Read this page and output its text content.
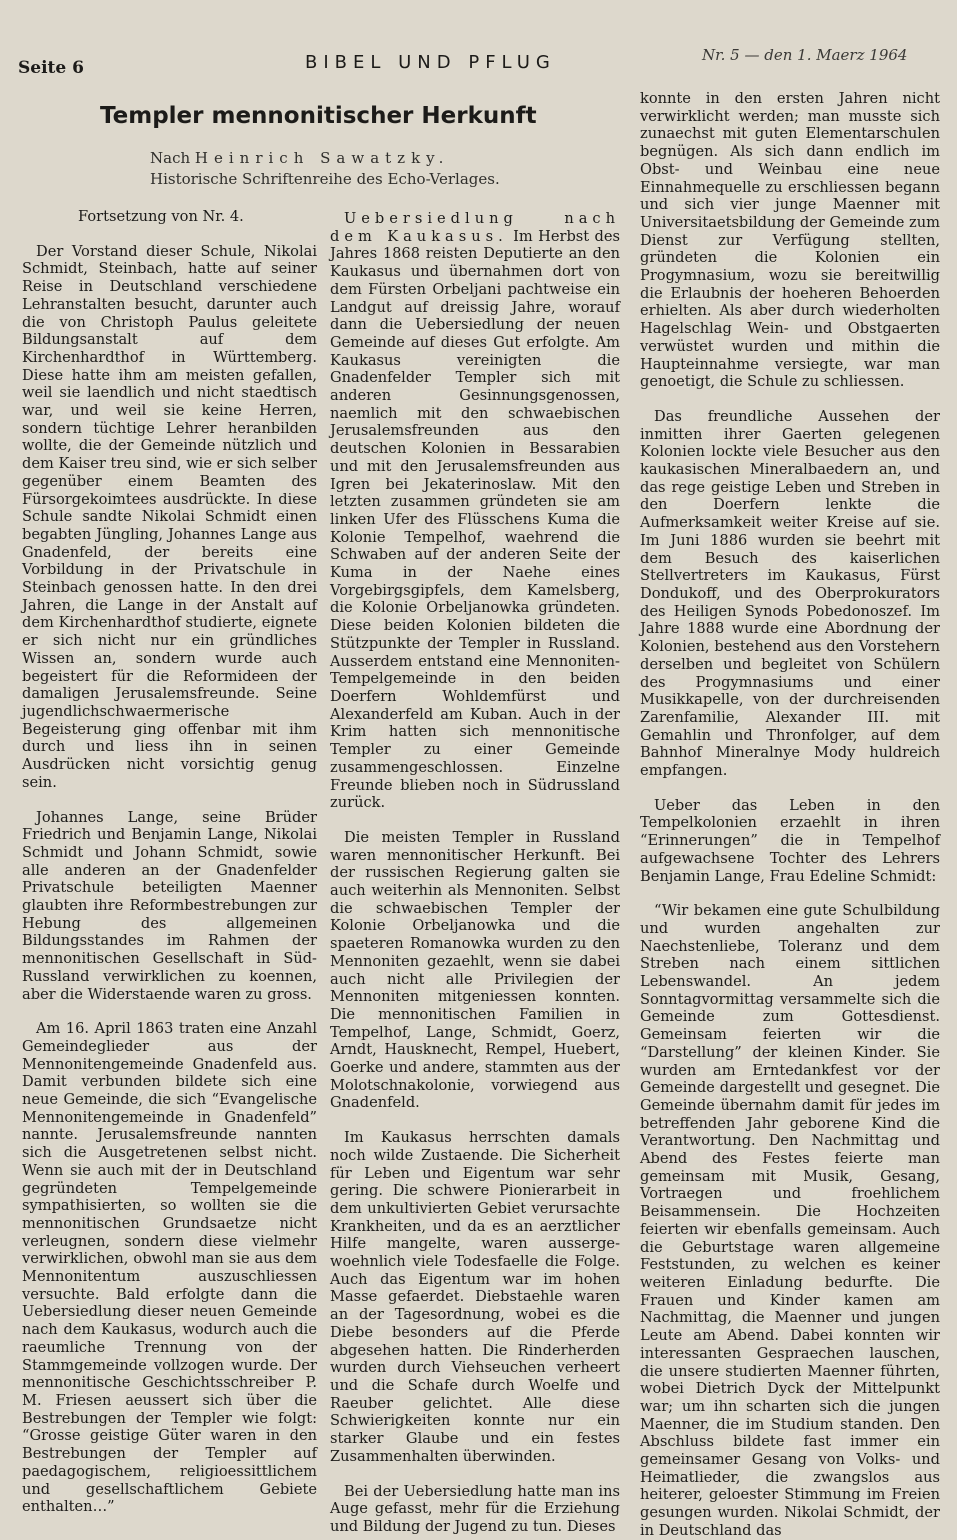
Seite 6	BIBEL UND PFLUG	Nr. 5 — den 1. Maerz 1964
Templer mennonitischer Herkunft
Nach Heinrich Sawatzky.
Historische Schriftenreihe des Echo-Verlages.

Fortsetzung von Nr. 4.

Der Vorstand dieser Schule, Nikolai Schmidt, Steinbach, hatte auf seiner Reise in Deutschland verschiedene Lehranstalten besucht, darunter auch die von Christoph Paulus geleitete Bildungsanstalt auf dem Kirchenhardthof in Württemberg. Diese hatte ihm am meisten gefallen, weil sie laendlich und nicht staedtisch war, und weil sie keine Herren, sondern tüchtige Lehrer heranbilden wollte, die der Gemeinde nützlich und dem Kaiser treu sind, wie er sich selber gegenüber einem Beamten des Fürsorgekoimtees ausdrückte. In diese Schule sandte Nikolai Schmidt einen begabten Jüngling, Johannes Lange aus Gnadenfeld, der bereits eine Vorbildung in der Privatschule in Steinbach genossen hatte. In den drei Jahren, die Lange in der Anstalt auf dem Kirchenhardthof studierte, eignete er sich nicht nur ein gründliches Wissen an, sondern wurde auch begeistert für die Reformideen der damaligen Jerusalemsfreunde. Seine jugendlichschwaermerische Begeisterung ging offenbar mit ihm durch und liess ihn in seinen Ausdrücken nicht vorsichtig genug sein.

Johannes Lange, seine Brüder Friedrich und Benjamin Lange, Nikolai Schmidt und Johann Schmidt, sowie alle anderen an der Gnadenfelder Privatschule beteiligten Maenner glaubten ihre Reformbestrebungen zur Hebung des allgemeinen Bildungsstandes im Rahmen der mennonitischen Gesellschaft in Süd-Russland verwirklichen zu koennen, aber die Widerstaende waren zu gross.

Am 16. April 1863 traten eine Anzahl Gemeindeglieder aus der Mennonitengemeinde Gnadenfeld aus. Damit verbunden bildete sich eine neue Gemeinde, die sich “Evangelische Mennonitengemeinde in Gnadenfeld” nannte. Jerusalemsfreunde nannten sich die Ausgetretenen selbst nicht. Wenn sie auch mit der in Deutschland gegründeten Tempelgemeinde sympathisierten, so wollten sie die mennonitischen Grundsaetze nicht verleugnen, sondern diese vielmehr verwirklichen, obwohl man sie aus dem Mennonitentum auszuschliessen versuchte. Bald erfolgte dann die Uebersiedlung dieser neuen Gemeinde nach dem Kaukasus, wodurch auch die raeumliche Trennung von der Stammgemeinde vollzogen wurde. Der mennonitische Geschichtsschreiber P. M. Friesen aeussert sich über die Bestrebungen der Templer wie folgt: “Grosse geistige Güter waren in den Bestrebungen der Templer auf paedagogischem, religioessittlichem und gesellschaftlichem Gebiete enthalten…”

Uebersiedlung nach dem Kaukasus. Im Herbst des Jahres 1868 reisten Deputierte an den Kaukasus und übernahmen dort von dem Fürsten Orbeljani pachtweise ein Landgut auf dreissig Jahre, worauf dann die Uebersiedlung der neuen Gemeinde auf dieses Gut erfolgte. Am Kaukasus vereinigten die Gnadenfelder Templer sich mit anderen Gesinnungsgenossen, naemlich mit den schwaebischen Jerusalemsfreunden aus den deutschen Kolonien in Bessarabien und mit den Jerusalemsfreunden aus Igren bei Jekaterinoslaw. Mit den letzten zusammen gründeten sie am linken Ufer des Flüsschens Kuma die Kolonie Tempelhof, waehrend die Schwaben auf der anderen Seite der Kuma in der Naehe eines Vorgebirgsgipfels, dem Kamelsberg, die Kolonie Orbeljanowka gründeten. Diese beiden Kolonien bildeten die Stützpunkte der Templer in Russland. Ausserdem entstand eine Mennoniten-Tempelgemeinde in den beiden Doerfern Wohldemfürst und Alexanderfeld am Kuban. Auch in der Krim hatten sich mennonitische Templer zu einer Gemeinde zusammengeschlossen. Einzelne Freunde blieben noch in Südrussland zurück.

Die meisten Templer in Russland waren mennonitischer Herkunft. Bei der russischen Regierung galten sie auch weiterhin als Mennoniten. Selbst die schwaebischen Templer der Kolonie Orbeljanowka und die spaeteren Romanowka wurden zu den Mennoniten gezaehlt, wenn sie dabei auch nicht alle Privilegien der Mennoniten mitgeniessen konnten. Die mennonitischen Familien in Tempelhof, Lange, Schmidt, Goerz, Arndt, Hausknecht, Rempel, Huebert, Goerke und andere, stammten aus der Molotschnakolonie, vorwiegend aus Gnadenfeld.

Im Kaukasus herrschten damals noch wilde Zustaende. Die Sicherheit für Leben und Eigentum war sehr gering. Die schwere Pionierarbeit in dem unkultivierten Gebiet verursachte Krankheiten, und da es an aerztlicher Hilfe mangelte, waren aussergewoehnlich viele Todesfaelle die Folge. Auch das Eigentum war im hohen Masse gefaerdet. Diebstaehle waren an der Tagesordnung, wobei es die Diebe besonders auf die Pferde abgesehen hatten. Die Rinderherden wurden durch Viehseuchen verheert und die Schafe durch Woelfe und Raeuber gelichtet. Alle diese Schwierigkeiten konnte nur ein starker Glaube und ein festes Zusammenhalten überwinden.

Bei der Uebersiedlung hatte man ins Auge gefasst, mehr für die Erziehung und Bildung der Jugend zu tun. Dieses

konnte in den ersten Jahren nicht verwirklicht werden; man musste sich zunaechst mit guten Elementarschulen begnügen. Als sich dann endlich im Obst- und Weinbau eine neue Einnahmequelle zu erschliessen begann und sich vier junge Maenner mit Universitaetsbildung der Gemeinde zum Dienst zur Verfügung stellten, gründeten die Kolonien ein Progymnasium, wozu sie bereitwillig die Erlaubnis der hoeheren Behoerden erhielten. Als aber durch wiederholten Hagelschlag Wein- und Obstgaerten verwüstet wurden und mithin die Haupteinnahme versiegte, war man genoetigt, die Schule zu schliessen.

Das freundliche Aussehen der inmitten ihrer Gaerten gelegenen Kolonien lockte viele Besucher aus den kaukasischen Mineralbaedern an, und das rege geistige Leben und Streben in den Doerfern lenkte die Aufmerksamkeit weiter Kreise auf sie. Im Juni 1886 wurden sie beehrt mit dem Besuch des kaiserlichen Stellvertreters im Kaukasus, Fürst Dondukoff, und des Oberprokurators des Heiligen Synods Pobedonoszef. Im Jahre 1888 wurde eine Abordnung der Kolonien, bestehend aus den Vorstehern derselben und begleitet von Schülern des Progymnasiums und einer Musikkapelle, von der durchreisenden Zarenfamilie, Alexander III. mit Gemahlin und Thronfolger, auf dem Bahnhof Mineralnye Mody huldreich empfangen.

Ueber das Leben in den Tempelkolonien erzaehlt in ihren “Erinnerungen” die in Tempelhof aufgewachsene Tochter des Lehrers Benjamin Lange, Frau Edeline Schmidt:

“Wir bekamen eine gute Schulbildung und wurden angehalten zur Naechstenliebe, Toleranz und dem Streben nach einem sittlichen Lebenswandel. An jedem Sonntagvormittag versammelte sich die Gemeinde zum Gottesdienst. Gemeinsam feierten wir die “Darstellung” der kleinen Kinder. Sie wurden am Erntedankfest vor der Gemeinde dargestellt und gesegnet. Die Gemeinde übernahm damit für jedes im betreffenden Jahr geborene Kind die Verantwortung. Den Nachmittag und Abend des Festes feierte man gemeinsam mit Musik, Gesang, Vortraegen und froehlichem Beisammensein. Die Hochzeiten feierten wir ebenfalls gemeinsam. Auch die Geburtstage waren allgemeine Feststunden, zu welchen es keiner weiteren Einladung bedurfte. Die Frauen und Kinder kamen am Nachmittag, die Maenner und jungen Leute am Abend. Dabei konnten wir interessanten Gespraechen lauschen, die unsere studierten Maenner führten, wobei Dietrich Dyck der Mittelpunkt war; um ihn scharten sich die jungen Maenner, die im Studium standen. Den Abschluss bildete fast immer ein gemeinsamer Gesang von Volks- und Heimatlieder, die zwangslos aus heiterer, geloester Stimmung im Freien gesungen wurden. Nikolai Schmidt, der in Deutschland das
